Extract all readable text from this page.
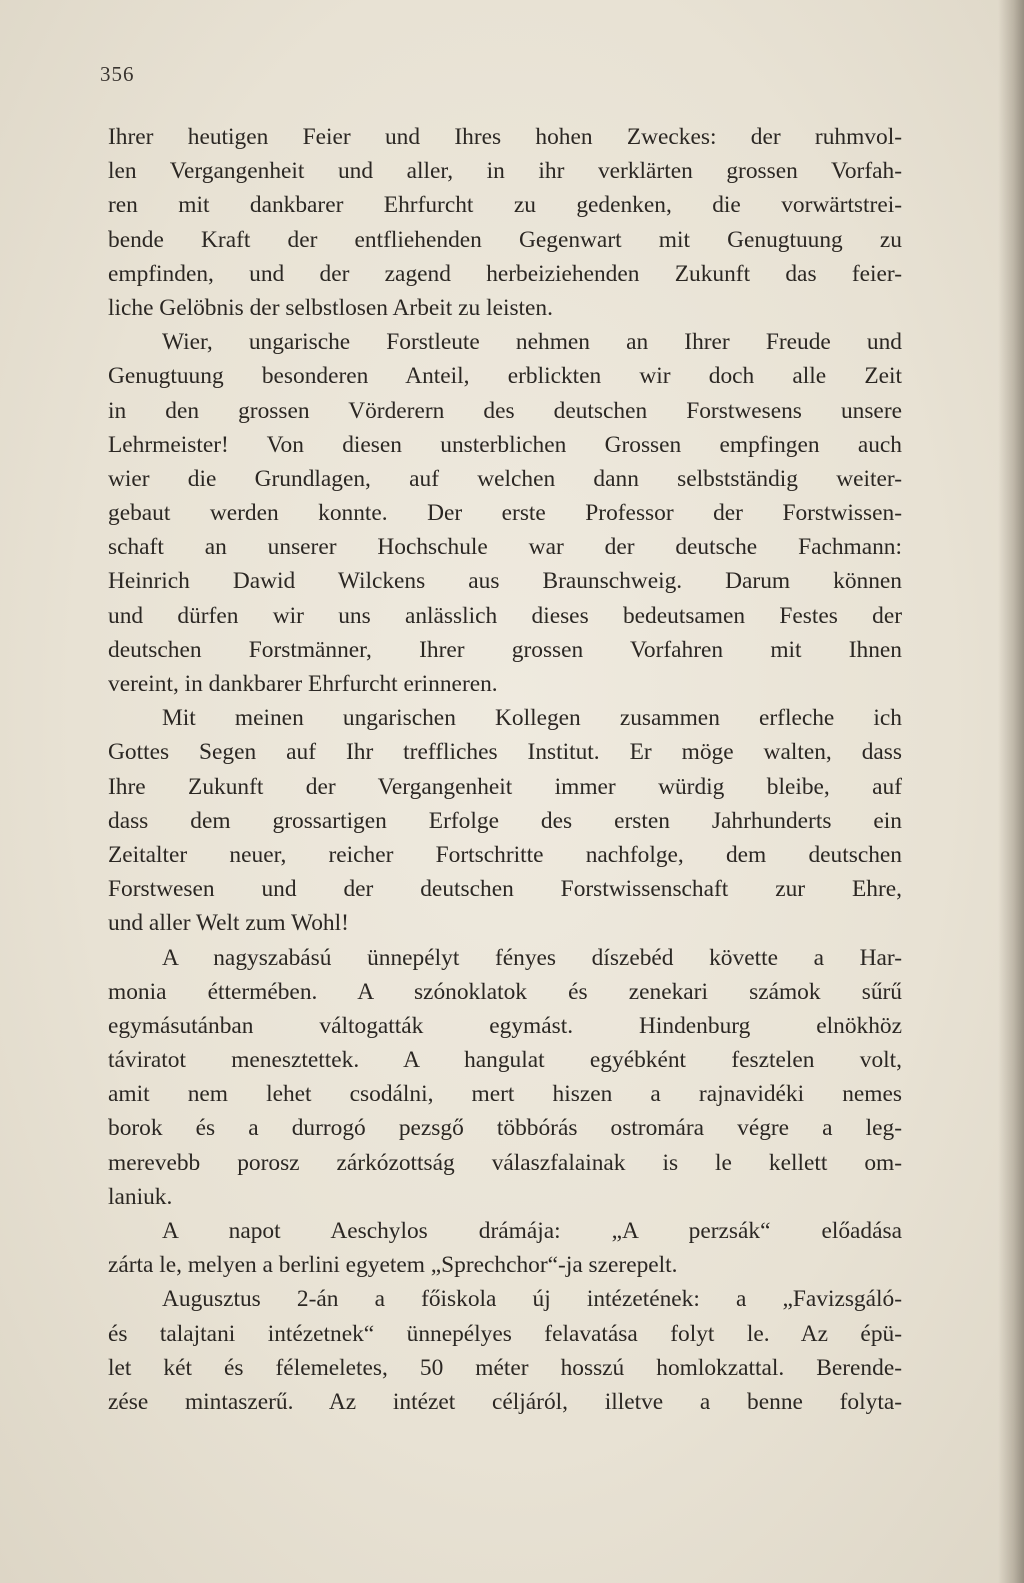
356

Ihrer heutigen Feier und Ihres hohen Zweckes: der ruhmvol-
len Vergangenheit und aller, in ihr verklärten grossen Vorfah-
ren mit dankbarer Ehrfurcht zu gedenken, die vorwärtstrei-
bende Kraft der entfliehenden Gegenwart mit Genugtuung zu
empfinden, und der zagend herbeiziehenden Zukunft das feier-
liche Gelöbnis der selbstlosen Arbeit zu leisten.

Wier, ungarische Forstleute nehmen an Ihrer Freude und
Genugtuung besonderen Anteil, erblickten wir doch alle Zeit
in den grossen Vörderern des deutschen Forstwesens unsere
Lehrmeister! Von diesen unsterblichen Grossen empfingen auch
wier die Grundlagen, auf welchen dann selbstständig weiter-
gebaut werden konnte. Der erste Professor der Forstwissen-
schaft an unserer Hochschule war der deutsche Fachmann:
Heinrich Dawid Wilckens aus Braunschweig. Darum können
und dürfen wir uns anlässlich dieses bedeutsamen Festes der
deutschen Forstmänner, Ihrer grossen Vorfahren mit Ihnen
vereint, in dankbarer Ehrfurcht erinneren.

Mit meinen ungarischen Kollegen zusammen erfleche ich
Gottes Segen auf Ihr treffliches Institut. Er möge walten, dass
Ihre Zukunft der Vergangenheit immer würdig bleibe, auf
dass dem grossartigen Erfolge des ersten Jahrhunderts ein
Zeitalter neuer, reicher Fortschritte nachfolge, dem deutschen
Forstwesen und der deutschen Forstwissenschaft zur Ehre,
und aller Welt zum Wohl!

A nagyszabású ünnepélyt fényes díszebéd követte a Har-
monia éttermében. A szónoklatok és zenekari számok sűrű
egymásutánban váltogatták egymást. Hindenburg elnökhöz
táviratot menesztettek. A hangulat egyébként fesztelen volt,
amit nem lehet csodálni, mert hiszen a rajnavidéki nemes
borok és a durrogó pezsgő többórás ostromára végre a leg-
merevebb porosz zárkózottság válaszfalainak is le kellett om-
laniuk.

A napot Aeschylos drámája: „A perzsák“ előadása
zárta le, melyen a berlini egyetem „Sprechchor“-ja szerepelt.

Augusztus 2-án a főiskola új intézetének: a „Favizsgáló-
és talajtani intézetnek“ ünnepélyes felavatása folyt le. Az épü-
let két és félemeletes, 50 méter hosszú homlokzattal. Berende-
zése mintaszerű. Az intézet céljáról, illetve a benne folyta-
